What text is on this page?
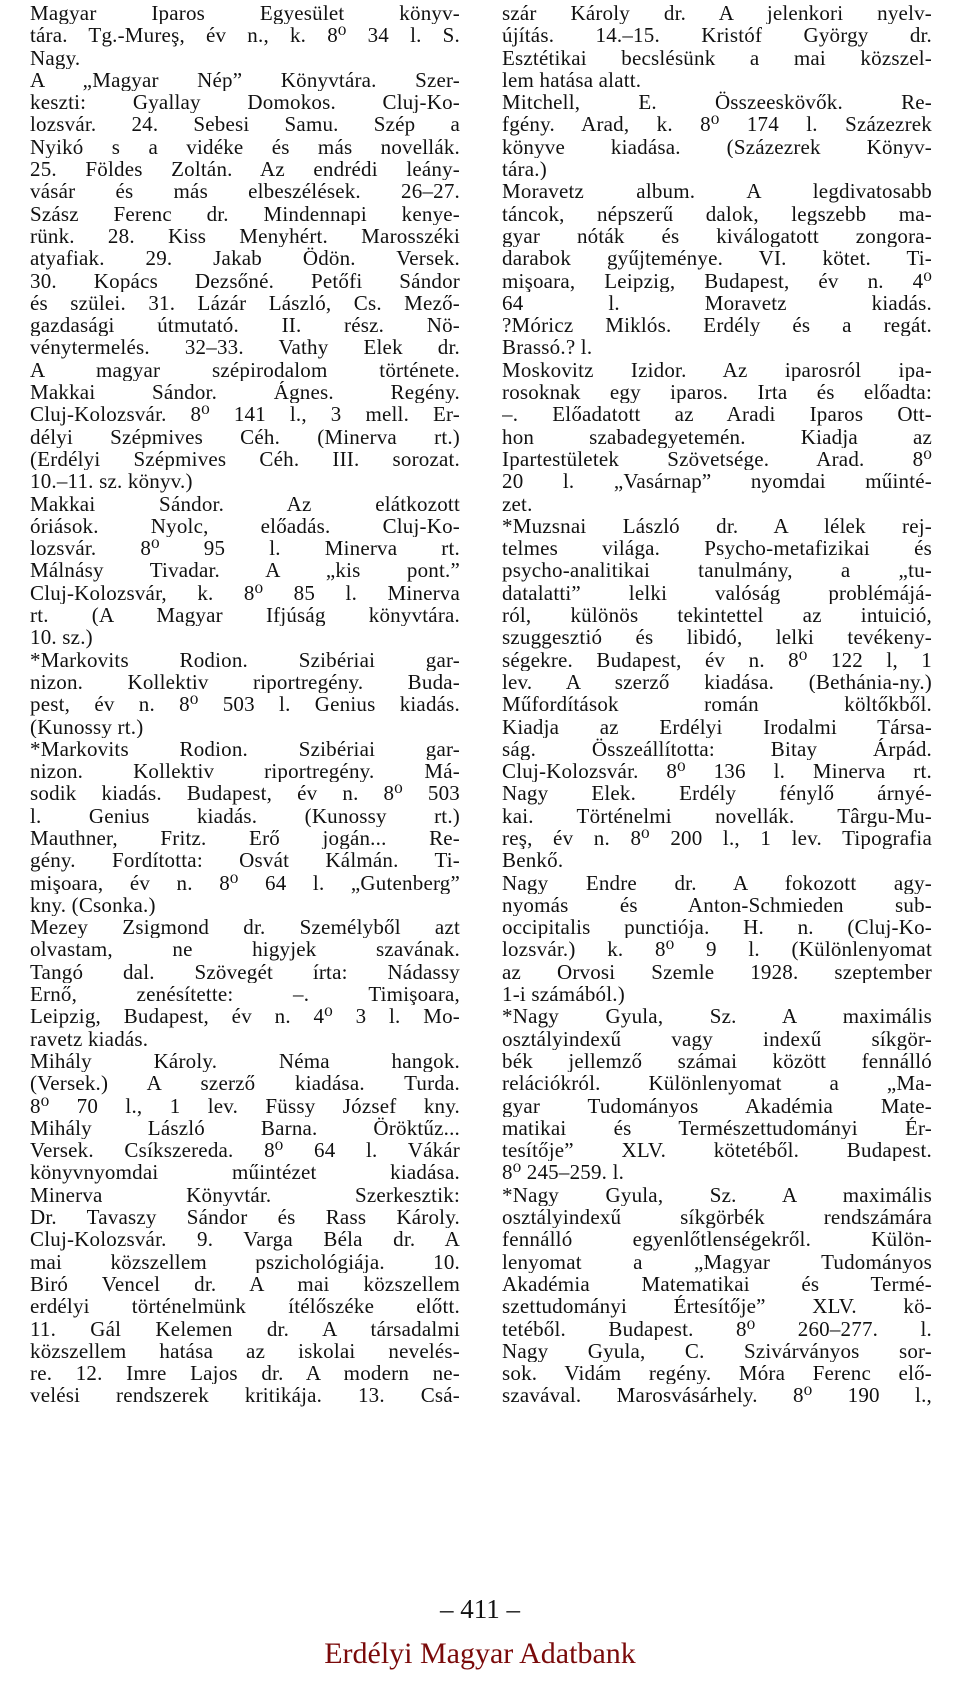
Magyar Iparos Egyesület könyv-
tára. Tg.-Mureş, év n., k. 8⁰ 34 l. S.
Nagy.
A „Magyar Nép” Könyvtára. Szer-
keszti: Gyallay Domokos. Cluj-Ko-
lozsvár. 24. Sebesi Samu. Szép a
Nyikó s a vidéke és más novellák.
25. Földes Zoltán. Az endrédi leány-
vásár és más elbeszélések. 26–27.
Szász Ferenc dr. Mindennapi kenye-
rünk. 28. Kiss Menyhért. Marosszéki
atyafiak. 29. Jakab Ödön. Versek.
30. Kopács Dezsőné. Petőfi Sándor
és szülei. 31. Lázár László, Cs. Mező-
gazdasági útmutató. II. rész. Nö-
vénytermelés. 32–33. Vathy Elek dr.
A magyar szépirodalom története.
Makkai Sándor. Ágnes. Regény.
Cluj-Kolozsvár. 8⁰ 141 l., 3 mell. Er-
délyi Szépmives Céh. (Minerva rt.)
(Erdélyi Szépmives Céh. III. sorozat.
10.–11. sz. könyv.)
Makkai Sándor. Az elátkozott
óriások. Nyolc, előadás. Cluj-Ko-
lozsvár. 8⁰ 95 l. Minerva rt.
Málnásy Tivadar. A „kis pont.”
Cluj-Kolozsvár, k. 8⁰ 85 l. Minerva
rt. (A Magyar Ifjúság könyvtára.
10. sz.)
*Markovits Rodion. Szibériai gar-
nizon. Kollektiv riportregény. Buda-
pest, év n. 8⁰ 503 l. Genius kiadás.
(Kunossy rt.)
*Markovits Rodion. Szibériai gar-
nizon. Kollektiv riportregény. Má-
sodik kiadás. Budapest, év n. 8⁰ 503
l. Genius kiadás. (Kunossy rt.)
Mauthner, Fritz. Erő jogán... Re-
gény. Fordította: Osvát Kálmán. Ti-
mişoara, év n. 8⁰ 64 l. „Gutenberg”
kny. (Csonka.)
Mezey Zsigmond dr. Személyből azt
olvastam, ne higyjek szavának.
Tangó dal. Szövegét írta: Nádassy
Ernő, zenésítette: –. Timişoara,
Leipzig, Budapest, év n. 4⁰ 3 l. Mo-
ravetz kiadás.
Mihály Károly. Néma hangok.
(Versek.) A szerző kiadása. Turda.
8⁰ 70 l., 1 lev. Füssy József kny.
Mihály László Barna. Öröktűz...
Versek. Csíkszereda. 8⁰ 64 l. Vákár
könyvnyomdai műintézet kiadása.
Minerva Könyvtár. Szerkesztik:
Dr. Tavaszy Sándor és Rass Károly.
Cluj-Kolozsvár. 9. Varga Béla dr. A
mai közszellem pszichológiája. 10.
Biró Vencel dr. A mai közszellem
erdélyi történelmünk ítélőszéke előtt.
11. Gál Kelemen dr. A társadalmi
közszellem hatása az iskolai nevelés-
re. 12. Imre Lajos dr. A modern ne-
velési rendszerek kritikája. 13. Csá-
szár Károly dr. A jelenkori nyelv-
újítás. 14.–15. Kristóf György dr.
Esztétikai becslésünk a mai közszel-
lem hatása alatt.
Mitchell, E. Összeeskövők. Re-
fgény. Arad, k. 8⁰ 174 l. Százezrek
könyve kiadása. (Százezrek Könyv-
tára.)
Moravetz album. A legdivatosabb
táncok, népszerű dalok, legszebb ma-
gyar nóták és kiválogatott zongora-
darabok gyűjteménye. VI. kötet. Ti-
mişoara, Leipzig, Budapest, év n. 4⁰
64 l. Moravetz kiadás.
?Móricz Miklós. Erdély és a regát.
Brassó.? l.
Moskovitz Izidor. Az iparosról ipa-
rosoknak egy iparos. Irta és előadta:
–. Előadatott az Aradi Iparos Ott-
hon szabadegyetemén. Kiadja az
Ipartestületek Szövetsége. Arad. 8⁰
20 l. „Vasárnap” nyomdai műinté-
zet.
*Muzsnai László dr. A lélek rej-
telmes világa. Psycho-metafizikai és
psycho-analitikai tanulmány, a „tu-
datalatti” lelki valóság problémájá-
ról, különös tekintettel az intuició,
szuggesztió és libidó, lelki tevékeny-
ségekre. Budapest, év n. 8⁰ 122 l, 1
lev. A szerző kiadása. (Bethánia-ny.)
Műfordítások román költőkből.
Kiadja az Erdélyi Irodalmi Társa-
ság. Összeállította: Bitay Árpád.
Cluj-Kolozsvár. 8⁰ 136 l. Minerva rt.
Nagy Elek. Erdély fénylő árnyé-
kai. Történelmi novellák. Târgu-Mu-
reş, év n. 8⁰ 200 l., 1 lev. Tipografia
Benkő.
Nagy Endre dr. A fokozott agy-
nyomás és Anton-Schmieden sub-
occipitalis punctiója. H. n. (Cluj-Ko-
lozsvár.) k. 8⁰ 9 l. (Különlenyomat
az Orvosi Szemle 1928. szeptember
1-i számából.)
*Nagy Gyula, Sz. A maximális
osztályindexű vagy indexű síkgör-
bék jellemző számai között fennálló
relációkról. Különlenyomat a „Ma-
gyar Tudományos Akadémia Mate-
matikai és Természettudományi Ér-
tesítője” XLV. kötetéből. Budapest.
8⁰ 245–259. l.
*Nagy Gyula, Sz. A maximális
osztályindexű síkgörbék rendszámára
fennálló egyenlőtlenségekről. Külön-
lenyomat a „Magyar Tudományos
Akadémia Matematikai és Termé-
szettudományi Értesítője” XLV. kö-
tetéből. Budapest. 8⁰ 260–277. l.
Nagy Gyula, C. Szivárványos sor-
sok. Vidám regény. Móra Ferenc elő-
szavával. Marosvásárhely. 8⁰ 190 l.,
– 411 –
Erdélyi Magyar Adatbank
